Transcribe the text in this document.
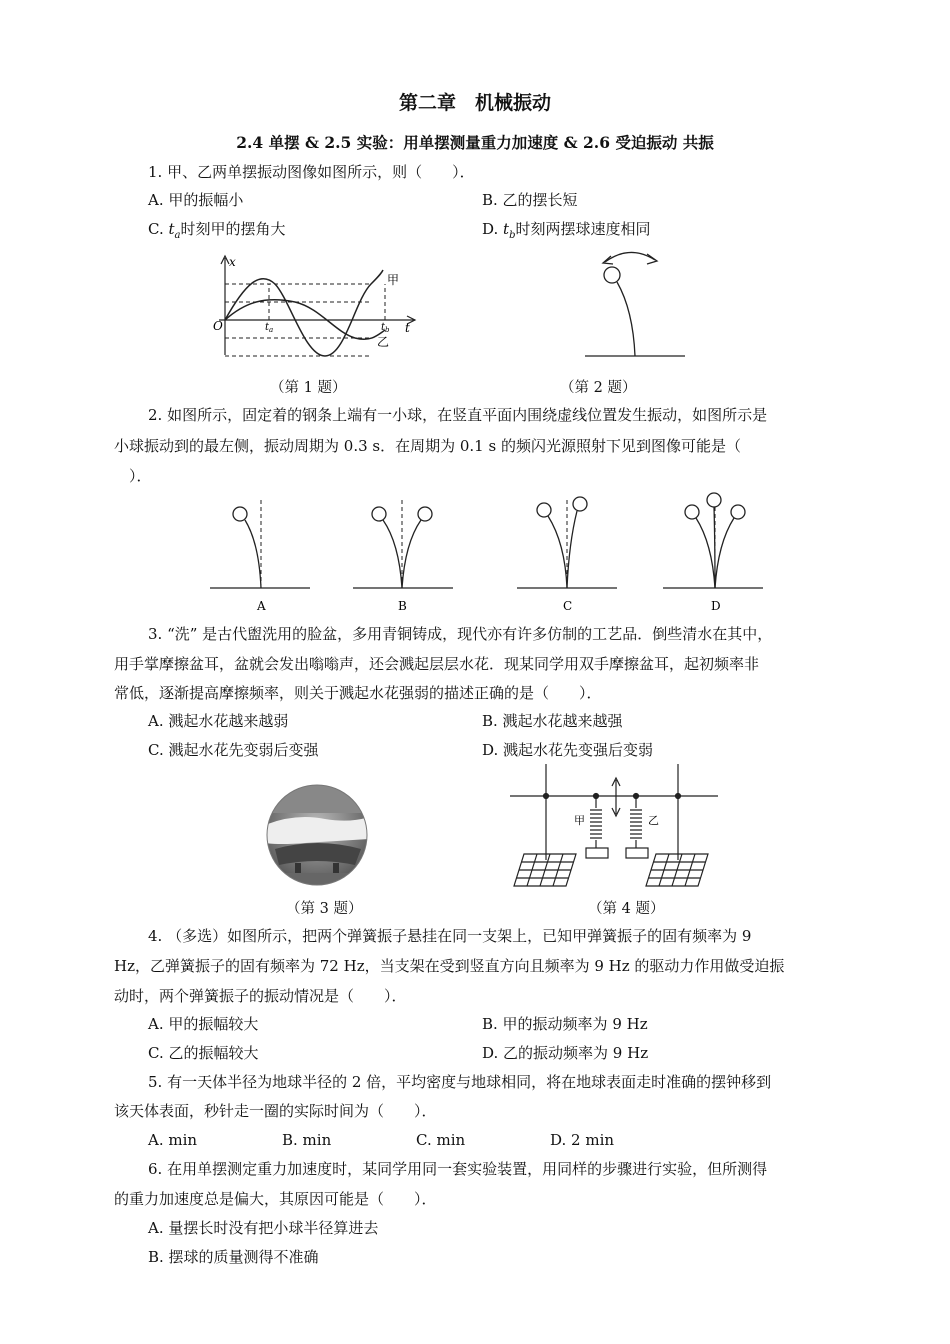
第二章　机械振动
2.4 单摆 & 2.5 实验：用单摆测量重力加速度 & 2.6 受迫振动 共振
1. 甲、乙两单摆振动图像如图所示，则（　　）．
A. 甲的振幅小	B. 乙的摆长短
C. $t_a$时刻甲的摆角大	D. $t_b$时刻两摆球速度相同
x
t
O
甲
乙
$t_a$	$t_b$
（第 1 题）	（第 2 题）
2. 如图所示，固定着的钢条上端有一小球，在竖直平面内围绕虚线位置发生振动，如图所示是
小球振动到的最左侧，振动周期为 0.3 s．在周期为 0.1 s 的频闪光源照射下见到图像可能是（
　）．
A	B	C	D
3. “洗” 是古代盥洗用的脸盆，多用青铜铸成，现代亦有许多仿制的工艺品．倒些清水在其中，
用手掌摩擦盆耳，盆就会发出嗡嗡声，还会溅起层层水花．现某同学用双手摩擦盆耳，起初频率非
常低，逐渐提高摩擦频率，则关于溅起水花强弱的描述正确的是（　　）．
A. 溅起水花越来越弱	B. 溅起水花越来越强
C. 溅起水花先变弱后变强	D. 溅起水花先变强后变弱
甲	乙
（第 3 题）	（第 4 题）
4. （多选）如图所示，把两个弹簧振子悬挂在同一支架上，已知甲弹簧振子的固有频率为 9
Hz，乙弹簧振子的固有频率为 72 Hz，当支架在受到竖直方向且频率为 9 Hz 的驱动力作用做受迫振
动时，两个弹簧振子的振动情况是（　　）．
A. 甲的振幅较大	B. 甲的振动频率为 9 Hz
C. 乙的振幅较大	D. 乙的振动频率为 9 Hz
5. 有一天体半径为地球半径的 2 倍，平均密度与地球相同，将在地球表面走时准确的摆钟移到
该天体表面，秒针走一圈的实际时间为（　　）．
A. min	B. min	C. min	D. 2 min
6. 在用单摆测定重力加速度时，某同学用同一套实验装置，用同样的步骤进行实验，但所测得
的重力加速度总是偏大，其原因可能是（　　）．
A. 量摆长时没有把小球半径算进去
B. 摆球的质量测得不准确
